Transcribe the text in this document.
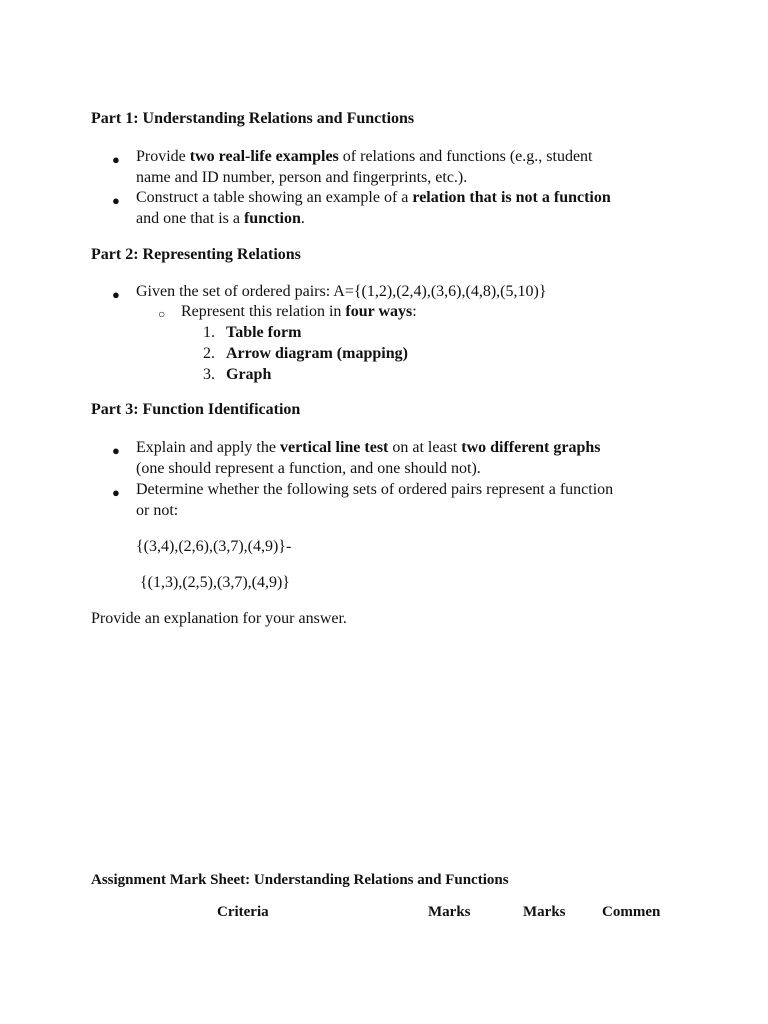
Part 1: Understanding Relations and Functions
● Provide two real-life examples of relations and functions (e.g., student
name and ID number, person and fingerprints, etc.).
● Construct a table showing an example of a relation that is not a function
and one that is a function.
Part 2: Representing Relations
● Given the set of ordered pairs: A={(1,2),(2,4),(3,6),(4,8),(5,10)}
○ Represent this relation in four ways:
1. Table form
2. Arrow diagram (mapping)
3. Graph
Part 3: Function Identification
● Explain and apply the vertical line test on at least two different graphs
(one should represent a function, and one should not).
● Determine whether the following sets of ordered pairs represent a function
or not:
{(3,4),(2,6),(3,7),(4,9)}-
{(1,3),(2,5),(3,7),(4,9)}
Provide an explanation for your answer.
Assignment Mark Sheet: Understanding Relations and Functions
Criteria	Marks	Marks Commen
